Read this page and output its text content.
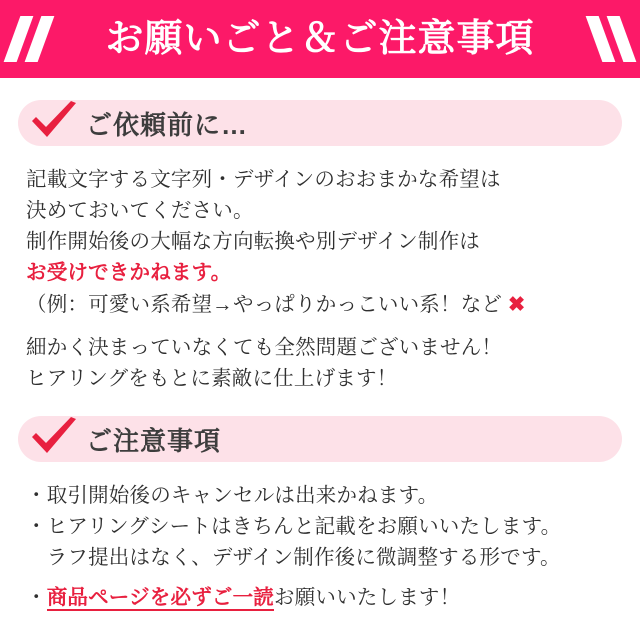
お願いごと＆ご注意事項
ご依頼前に…

記載文字する文字列・デザインのおおまかな希望は

決めておいてください。

制作開始後の大幅な方向転換や別デザイン制作は

お受けできかねます。

（例：可愛い系希望→やっぱりかっこいい系！など ✖

細かく決まっていなくても全然問題ございません！

ヒアリングをもとに素敵に仕上げます！

ご注意事項

・取引開始後のキャンセルは出来かねます。

・ヒアリングシートはきちんと記載をお願いいたします。

　ラフ提出はなく、デザイン制作後に微調整する形です。

・商品ページを必ずご一読お願いいたします！
